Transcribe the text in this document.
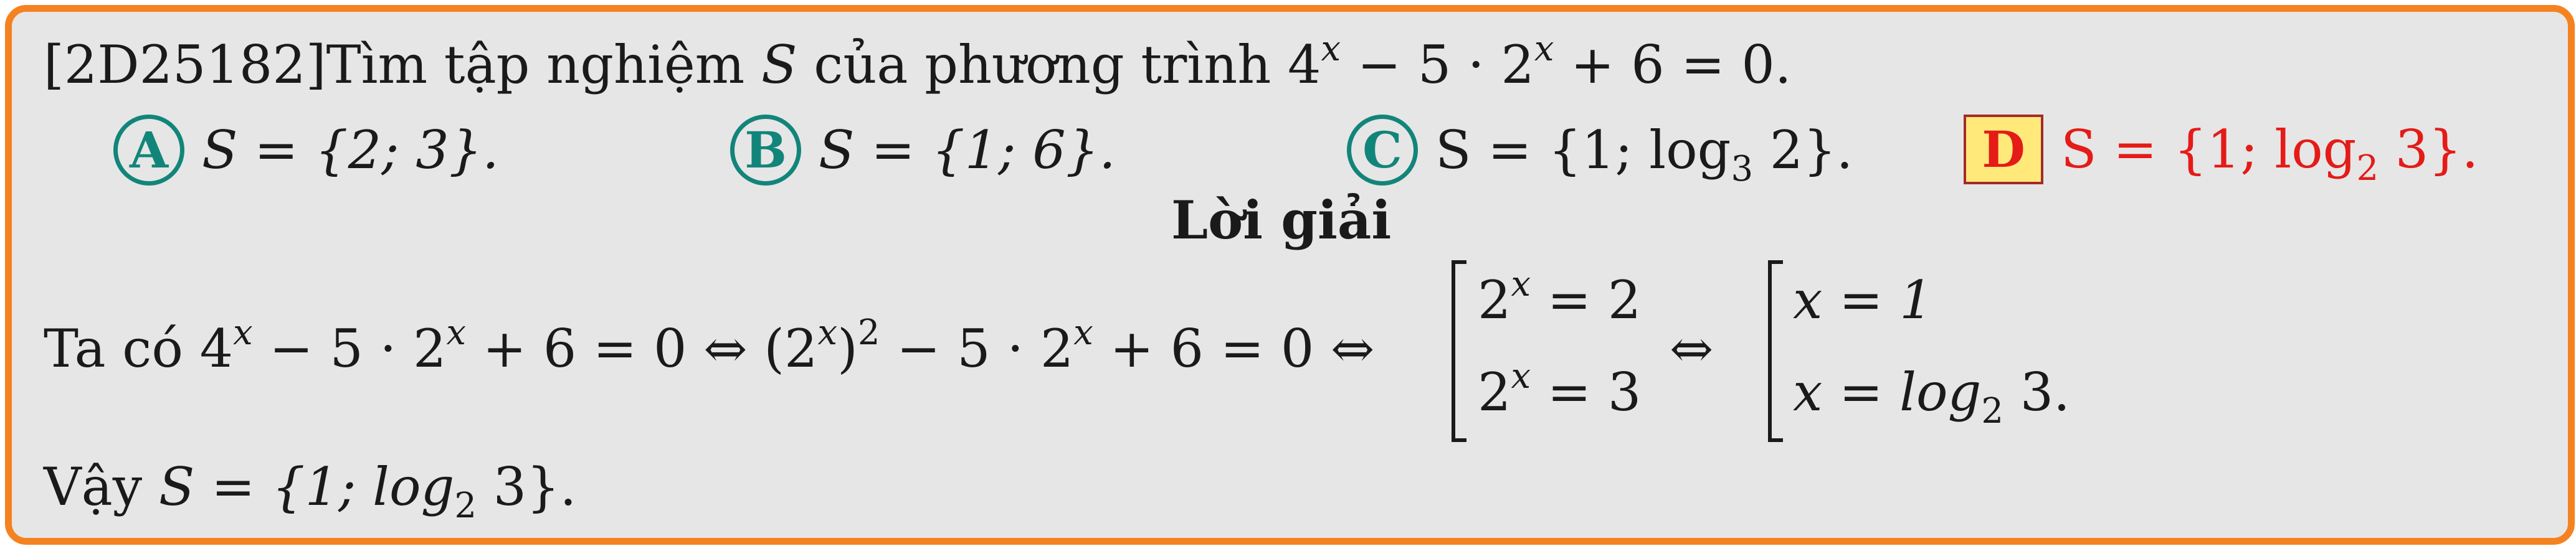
[2D25182]Tìm tập nghiệm S của phương trình $4^x - 5 \cdot 2^x + 6 = 0$.
A S = {2; 3}.	B S = {1; 6}.	C S = {1; $\log_3 2$}.	D S = {1; $\log_2 3$}.
Lời giải
Ta có $4^x - 5 \cdot 2^x + 6 = 0$ ⇔ $(2^x)^2 - 5 \cdot 2^x + 6 = 0$ ⇔
$2^x = 2$
$2^x = 3$
⇔
x = 1
$x = \log_2 3$.
Vậy S = {1; $\log_2 3$}.
